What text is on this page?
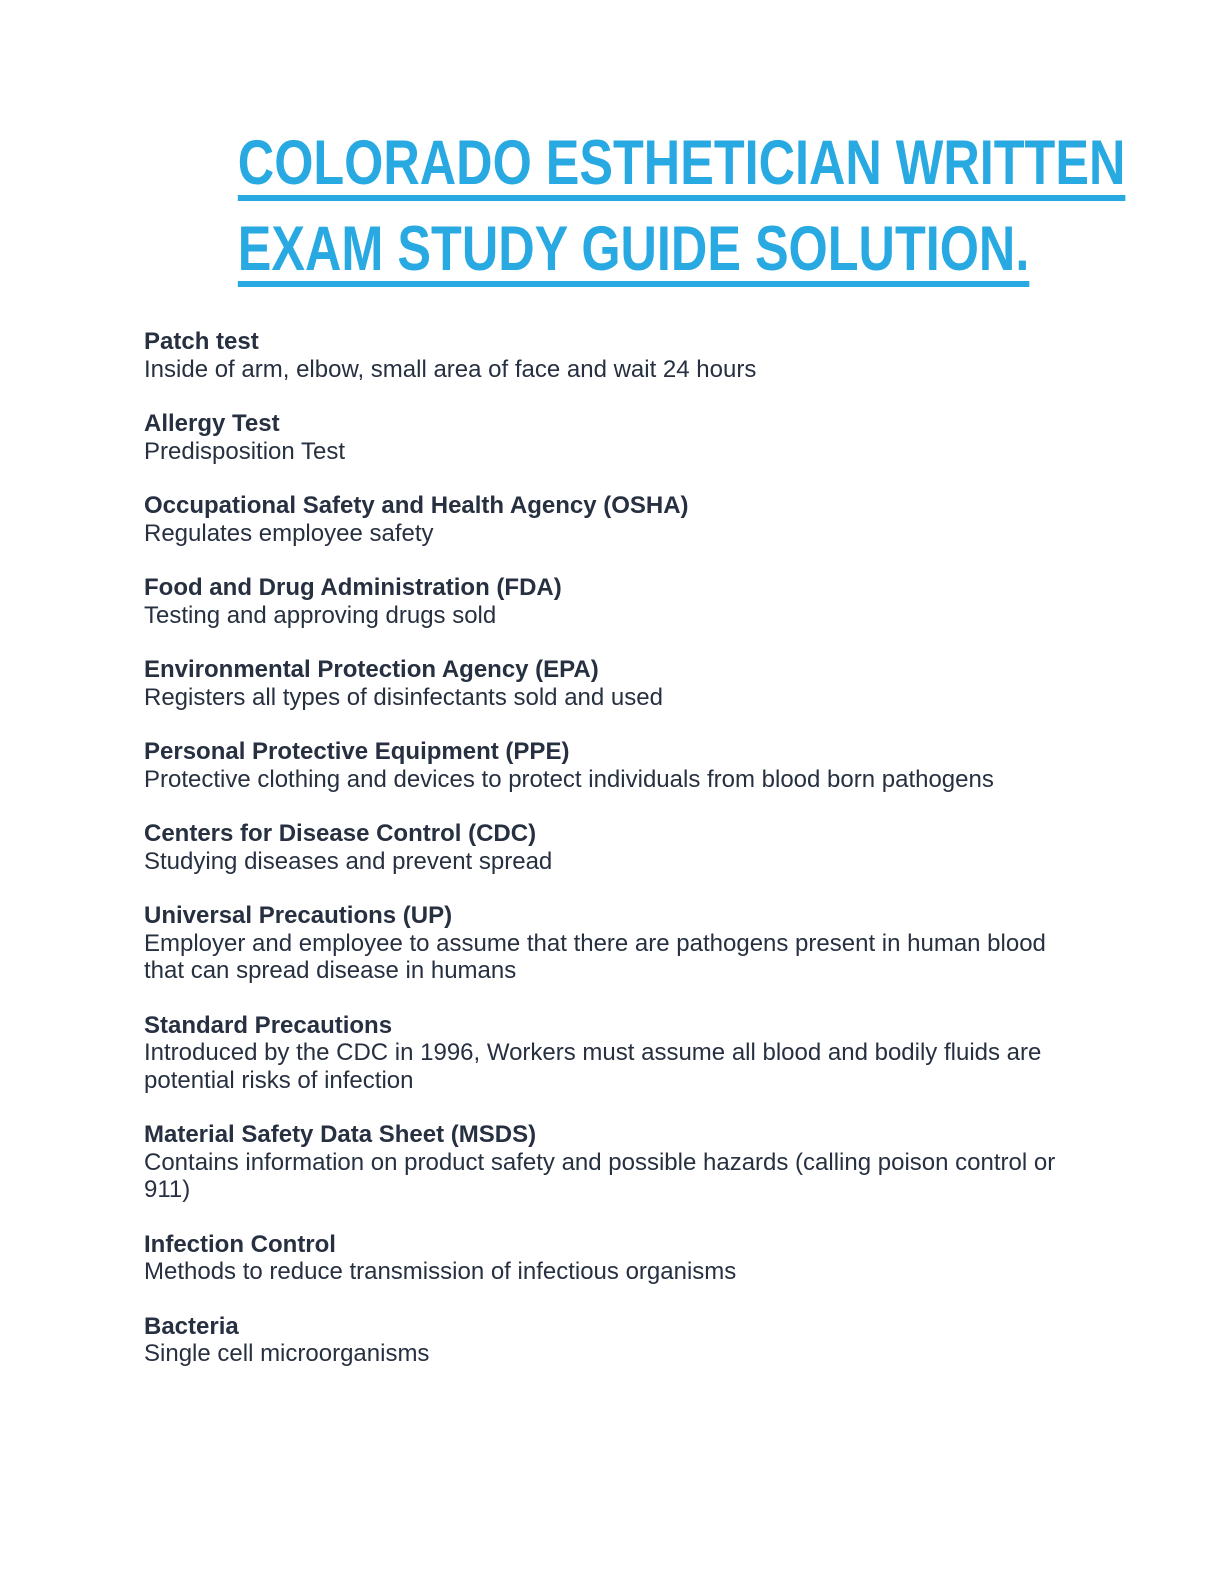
COLORADO ESTHETICIAN WRITTEN
EXAM STUDY GUIDE SOLUTION.

Patch test

Inside of arm, elbow, small area of face and wait 24 hours

Allergy Test

Predisposition Test

Occupational Safety and Health Agency (OSHA)

Regulates employee safety

Food and Drug Administration (FDA)

Testing and approving drugs sold

Environmental Protection Agency (EPA)

Registers all types of disinfectants sold and used

Personal Protective Equipment (PPE)

Protective clothing and devices to protect individuals from blood born pathogens

Centers for Disease Control (CDC)

Studying diseases and prevent spread

Universal Precautions (UP)

Employer and employee to assume that there are pathogens present in human blood that can spread disease in humans

Standard Precautions

Introduced by the CDC in 1996, Workers must assume all blood and bodily fluids are potential risks of infection

Material Safety Data Sheet (MSDS)

Contains information on product safety and possible hazards (calling poison control or 911)

Infection Control

Methods to reduce transmission of infectious organisms

Bacteria

Single cell microorganisms
